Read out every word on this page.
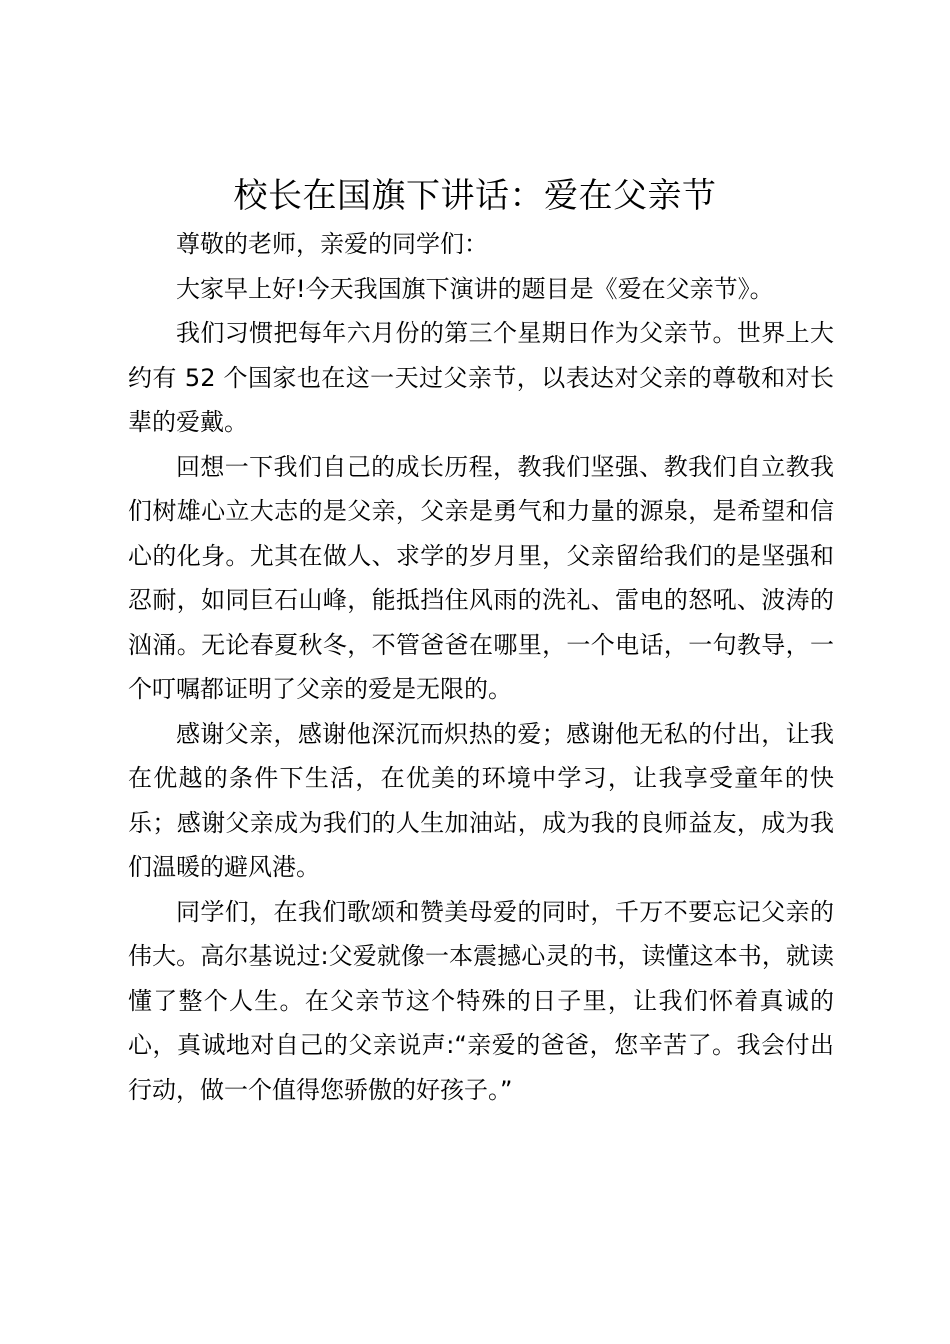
校长在国旗下讲话：爱在父亲节

尊敬的老师，亲爱的同学们：

大家早上好!今天我国旗下演讲的题目是《爱在父亲节》。

我们习惯把每年六月份的第三个星期日作为父亲节。世界上大约有 52 个国家也在这一天过父亲节，以表达对父亲的尊敬和对长辈的爱戴。

回想一下我们自己的成长历程，教我们坚强、教我们自立教我们树雄心立大志的是父亲，父亲是勇气和力量的源泉，是希望和信心的化身。尤其在做人、求学的岁月里，父亲留给我们的是坚强和忍耐，如同巨石山峰，能抵挡住风雨的洗礼、雷电的怒吼、波涛的汹涌。无论春夏秋冬，不管爸爸在哪里，一个电话，一句教导，一个叮嘱都证明了父亲的爱是无限的。

感谢父亲，感谢他深沉而炽热的爱；感谢他无私的付出，让我在优越的条件下生活，在优美的环境中学习，让我享受童年的快乐；感谢父亲成为我们的人生加油站，成为我的良师益友，成为我们温暖的避风港。

同学们，在我们歌颂和赞美母爱的同时，千万不要忘记父亲的伟大。高尔基说过:父爱就像一本震撼心灵的书，读懂这本书，就读懂了整个人生。在父亲节这个特殊的日子里，让我们怀着真诚的心，真诚地对自己的父亲说声:“亲爱的爸爸，您辛苦了。我会付出行动，做一个值得您骄傲的好孩子。”
